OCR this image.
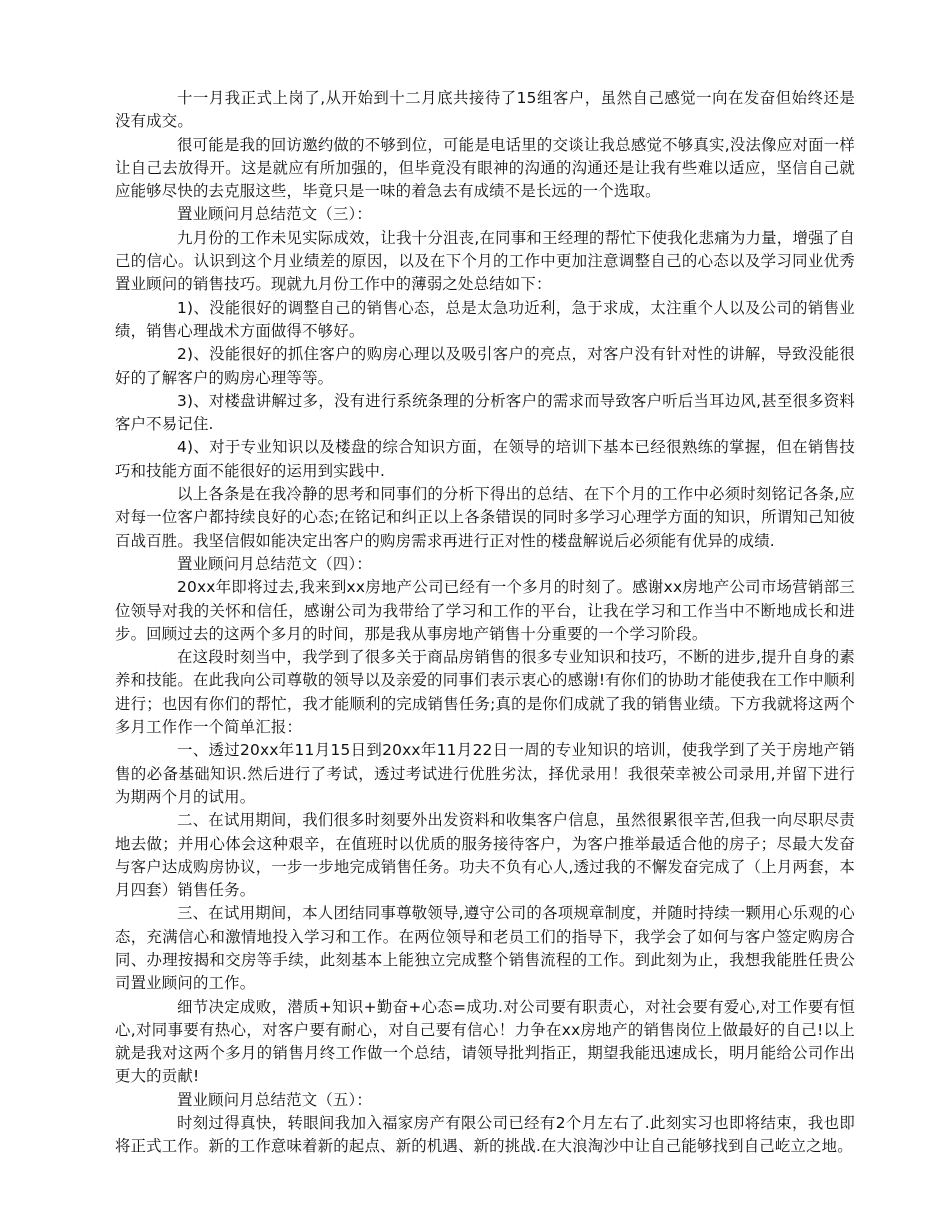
十一月我正式上岗了,从开始到十二月底共接待了15组客户，虽然自己感觉一向在发奋但始终还是没有成交。

很可能是我的回访邀约做的不够到位，可能是电话里的交谈让我总感觉不够真实,没法像应对面一样让自己去放得开。这是就应有所加强的，但毕竟没有眼神的沟通的沟通还是让我有些难以适应，坚信自己就应能够尽快的去克服这些，毕竟只是一味的着急去有成绩不是长远的一个选取。

置业顾问月总结范文（三）：

九月份的工作未见实际成效，让我十分沮丧,在同事和王经理的帮忙下使我化悲痛为力量，增强了自己的信心。认识到这个月业绩差的原因，以及在下个月的工作中更加注意调整自己的心态以及学习同业优秀置业顾问的销售技巧。现就九月份工作中的薄弱之处总结如下：

1)、没能很好的调整自己的销售心态，总是太急功近利，急于求成，太注重个人以及公司的销售业绩，销售心理战术方面做得不够好。

2)、没能很好的抓住客户的购房心理以及吸引客户的亮点，对客户没有针对性的讲解，导致没能很好的了解客户的购房心理等等。

3)、对楼盘讲解过多，没有进行系统条理的分析客户的需求而导致客户听后当耳边风,甚至很多资料客户不易记住.

4)、对于专业知识以及楼盘的综合知识方面，在领导的培训下基本已经很熟练的掌握，但在销售技巧和技能方面不能很好的运用到实践中.

以上各条是在我冷静的思考和同事们的分析下得出的总结、在下个月的工作中必须时刻铭记各条,应对每一位客户都持续良好的心态;在铭记和纠正以上各条错误的同时多学习心理学方面的知识，所谓知己知彼百战百胜。我坚信假如能决定出客户的购房需求再进行正对性的楼盘解说后必须能有优异的成绩.

置业顾问月总结范文（四）：

20xx年即将过去,我来到xx房地产公司已经有一个多月的时刻了。感谢xx房地产公司市场营销部三位领导对我的关怀和信任，感谢公司为我带给了学习和工作的平台，让我在学习和工作当中不断地成长和进步。回顾过去的这两个多月的时间，那是我从事房地产销售十分重要的一个学习阶段。

在这段时刻当中，我学到了很多关于商品房销售的很多专业知识和技巧，不断的进步,提升自身的素养和技能。在此我向公司尊敬的领导以及亲爱的同事们表示衷心的感谢!有你们的协助才能使我在工作中顺利进行；也因有你们的帮忙，我才能顺利的完成销售任务;真的是你们成就了我的销售业绩。下方我就将这两个多月工作作一个简单汇报：

一、透过20xx年11月15日到20xx年11月22日一周的专业知识的培训，使我学到了关于房地产销售的必备基础知识.然后进行了考试，透过考试进行优胜劣汰，择优录用！我很荣幸被公司录用,并留下进行为期两个月的试用。

二、在试用期间，我们很多时刻要外出发资料和收集客户信息，虽然很累很辛苦,但我一向尽职尽责地去做；并用心体会这种艰辛，在值班时以优质的服务接待客户，为客户推举最适合他的房子；尽最大发奋与客户达成购房协议，一步一步地完成销售任务。功夫不负有心人,透过我的不懈发奋完成了（上月两套，本月四套）销售任务。

三、在试用期间，本人团结同事尊敬领导,遵守公司的各项规章制度，并随时持续一颗用心乐观的心态，充满信心和激情地投入学习和工作。在两位领导和老员工们的指导下，我学会了如何与客户签定购房合同、办理按揭和交房等手续，此刻基本上能独立完成整个销售流程的工作。到此刻为止，我想我能胜任贵公司置业顾问的工作。

细节决定成败，潜质+知识+勤奋+心态=成功.对公司要有职责心，对社会要有爱心,对工作要有恒心,对同事要有热心，对客户要有耐心，对自己要有信心！力争在xx房地产的销售岗位上做最好的自己!以上就是我对这两个多月的销售月终工作做一个总结，请领导批判指正，期望我能迅速成长，明月能给公司作出更大的贡献!

置业顾问月总结范文（五）：

时刻过得真快，转眼间我加入福家房产有限公司已经有2个月左右了.此刻实习也即将结束，我也即将正式工作。新的工作意味着新的起点、新的机遇、新的挑战.在大浪淘沙中让自己能够找到自己屹立之地。
